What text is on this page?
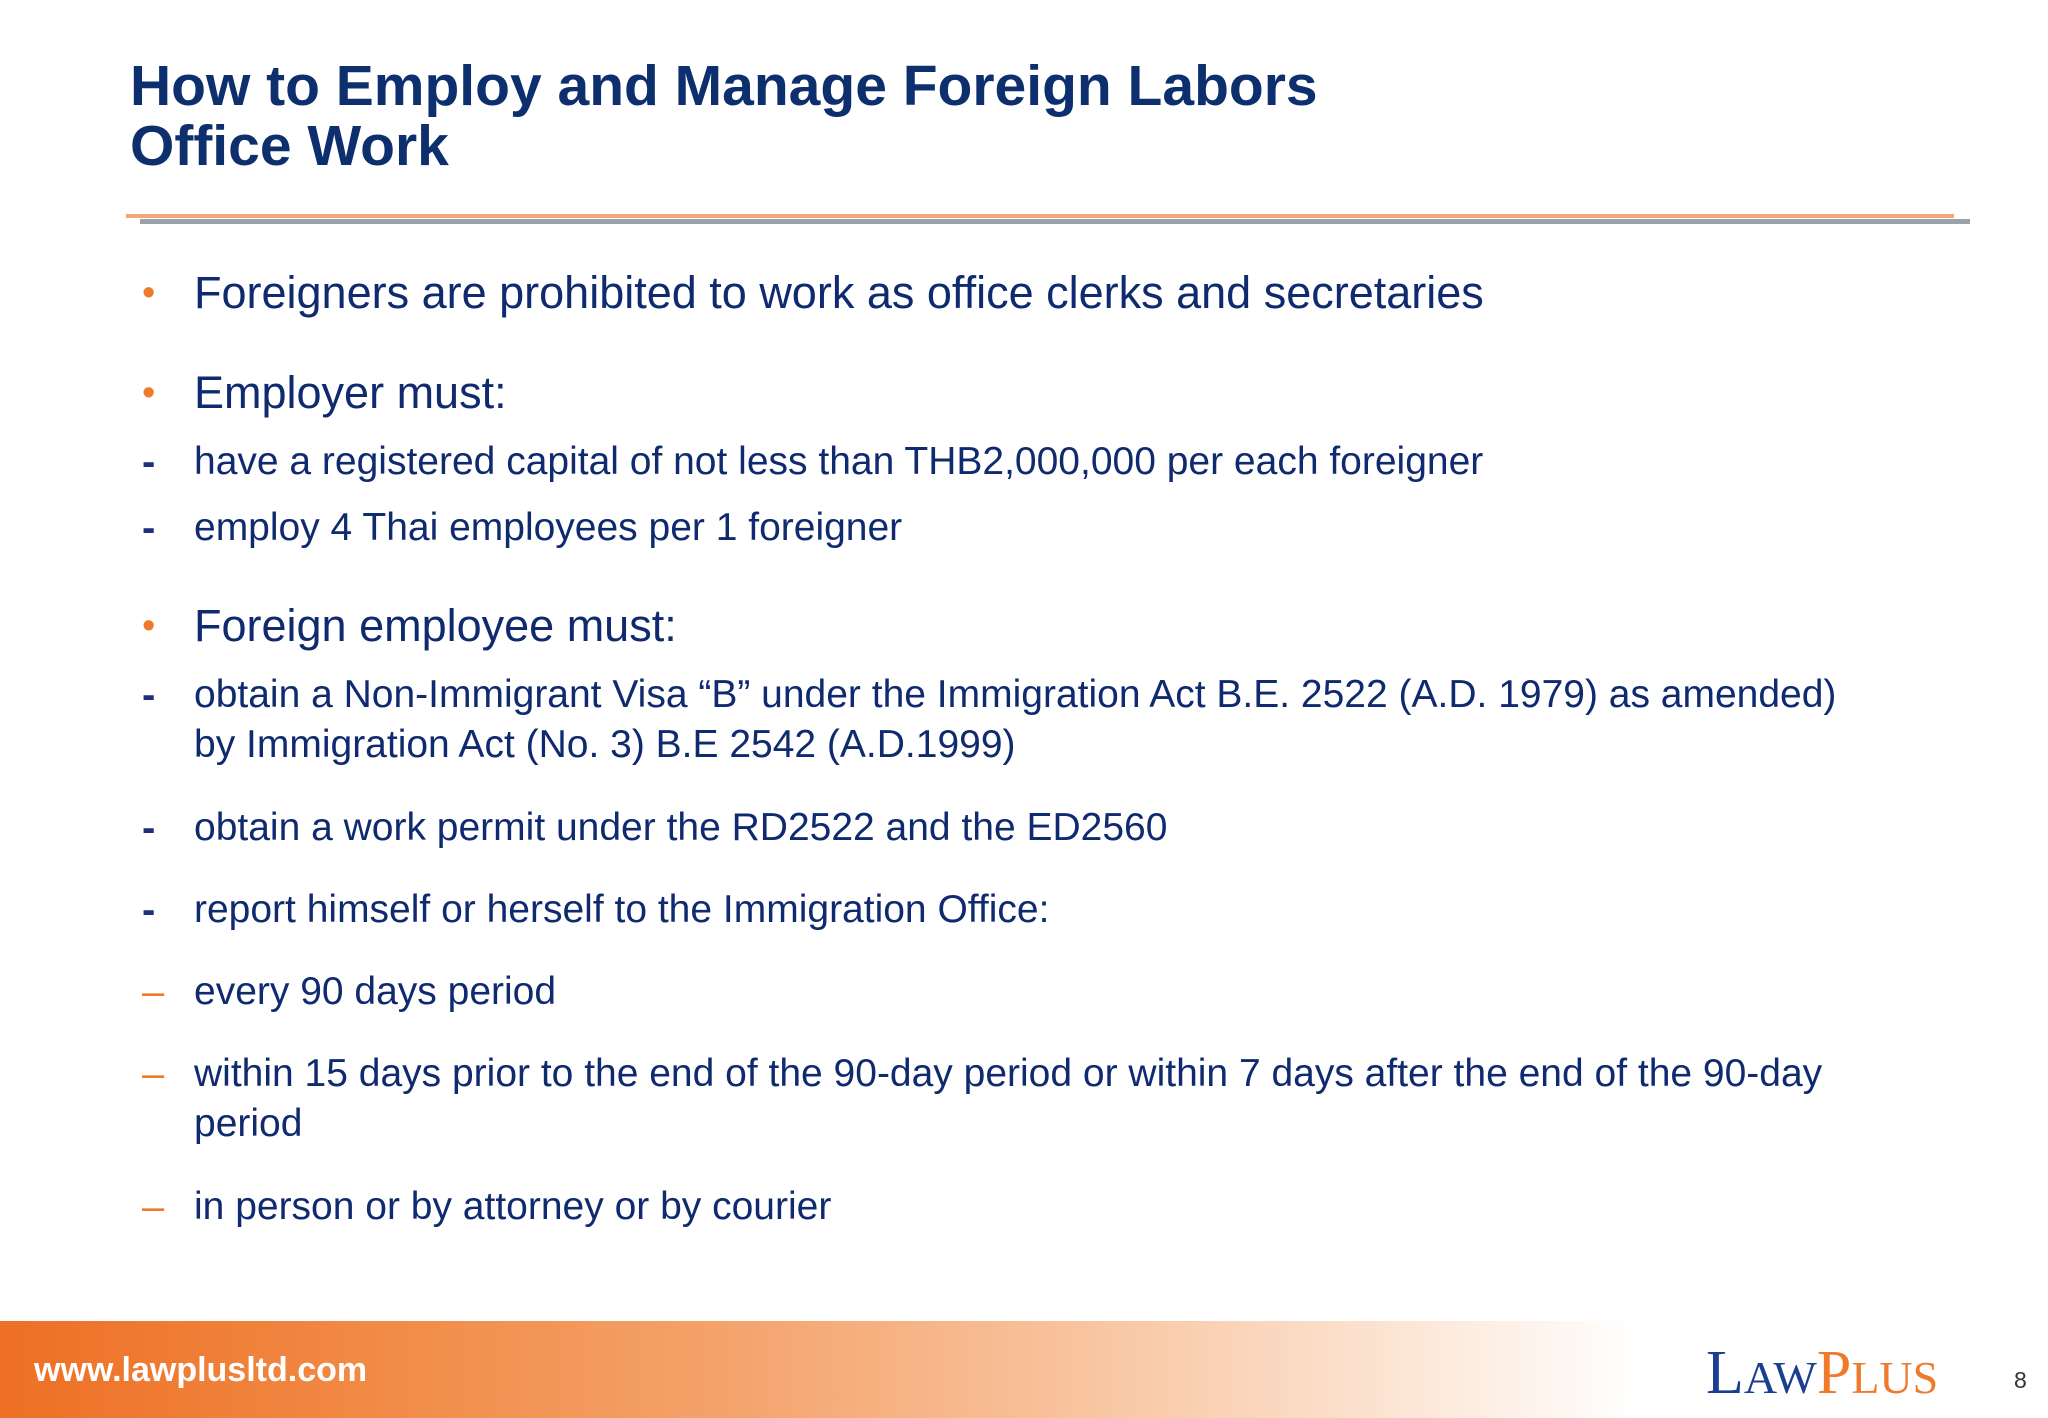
How to Employ and Manage Foreign Labors
Office Work
• Foreigners are prohibited to work as office clerks and secretaries
• Employer must:
- have a registered capital of not less than THB2,000,000 per each foreigner
- employ 4 Thai employees per 1 foreigner
• Foreign employee must:
- obtain a Non-Immigrant Visa “B” under the Immigration Act B.E. 2522 (A.D. 1979) as amended) by Immigration Act (No. 3) B.E 2542 (A.D.1999)
- obtain a work permit under the RD2522 and the ED2560
- report himself or herself to the Immigration Office:
– every 90 days period
– within 15 days prior to the end of the 90-day period or within 7 days after the end of the 90-day period
– in person or by attorney or by courier
www.lawplusltd.com	LAWPLUS	8
